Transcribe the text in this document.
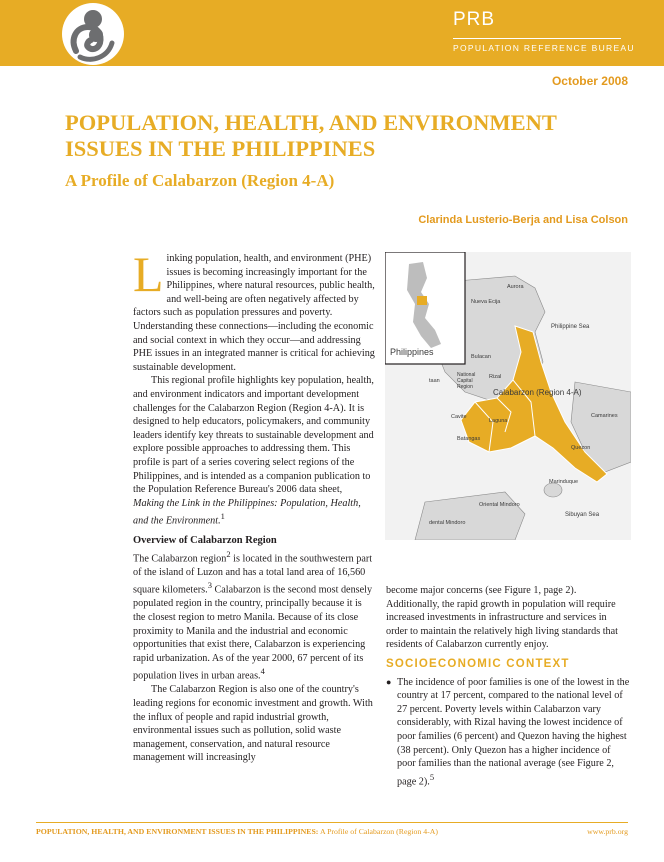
PRB
POPULATION REFERENCE BUREAU
October 2008
POPULATION, HEALTH, AND ENVIRONMENT ISSUES IN THE PHILIPPINES
A Profile of Calabarzon (Region 4-A)
Clarinda Lusterio-Berja and Lisa Colson

Linking population, health, and environment (PHE) issues is becoming increasingly important for the Philippines, where natural resources, public health, and well-being are often negatively affected by factors such as population pressures and poverty. Understanding these connections—including the economic and social context in which they occur—and addressing PHE issues in an integrated manner is critical for achieving sustainable development.

This regional profile highlights key population, health, and environment indicators and important development challenges for the Calabarzon Region (Region 4-A). It is designed to help educators, policymakers, and community leaders identify key threats to sustainable development and explore possible approaches to addressing them. This profile is part of a series covering select regions of the Philippines, and is intended as a companion publication to the Population Reference Bureau's 2006 data sheet, Making the Link in the Philippines: Population, Health, and the Environment.$^1$

Overview of Calabarzon Region

The Calabarzon region$^2$ is located in the southwestern part of the island of Luzon and has a total land area of 16,560 square kilometers.$^3$ Calabarzon is the second most densely populated region in the country, principally because it is the closest region to metro Manila. Because of its close proximity to Manila and the industrial and economic opportunities that exist there, Calabarzon is experiencing rapid urbanization. As of the year 2000, 67 percent of its population lives in urban areas.$^4$

The Calabarzon Region is also one of the country's leading regions for economic investment and growth. With the influx of people and rapid industrial growth, environmental issues such as pollution, solid waste management, conservation, and natural resource management will increasingly

Philippines
Nueva Ecija
Aurora
Philippine Sea
Bulacan
National Capital Region
Rizal
taan
Calabarzon (Region 4-A)
Cavite
Laguna
Batangas
Camarines
Quezon
Marinduque
Oriental Mindoro
Sibuyan Sea
dental Mindoro

become major concerns (see Figure 1, page 2). Additionally, the rapid growth in population will require increased investments in infrastructure and services in order to maintain the relatively high living standards that residents of Calabarzon currently enjoy.

SOCIOECONOMIC CONTEXT

● The incidence of poor families is one of the lowest in the country at 17 percent, compared to the national level of 27 percent. Poverty levels within Calabarzon vary considerably, with Rizal having the lowest incidence of poor families (6 percent) and Quezon having the highest (38 percent). Only Quezon has a higher incidence of poor families than the national average (see Figure 2, page 2).$^5$

POPULATION, HEALTH, AND ENVIRONMENT ISSUES IN THE PHILIPPINES: A Profile of Calabarzon (Region 4-A)	www.prb.org
